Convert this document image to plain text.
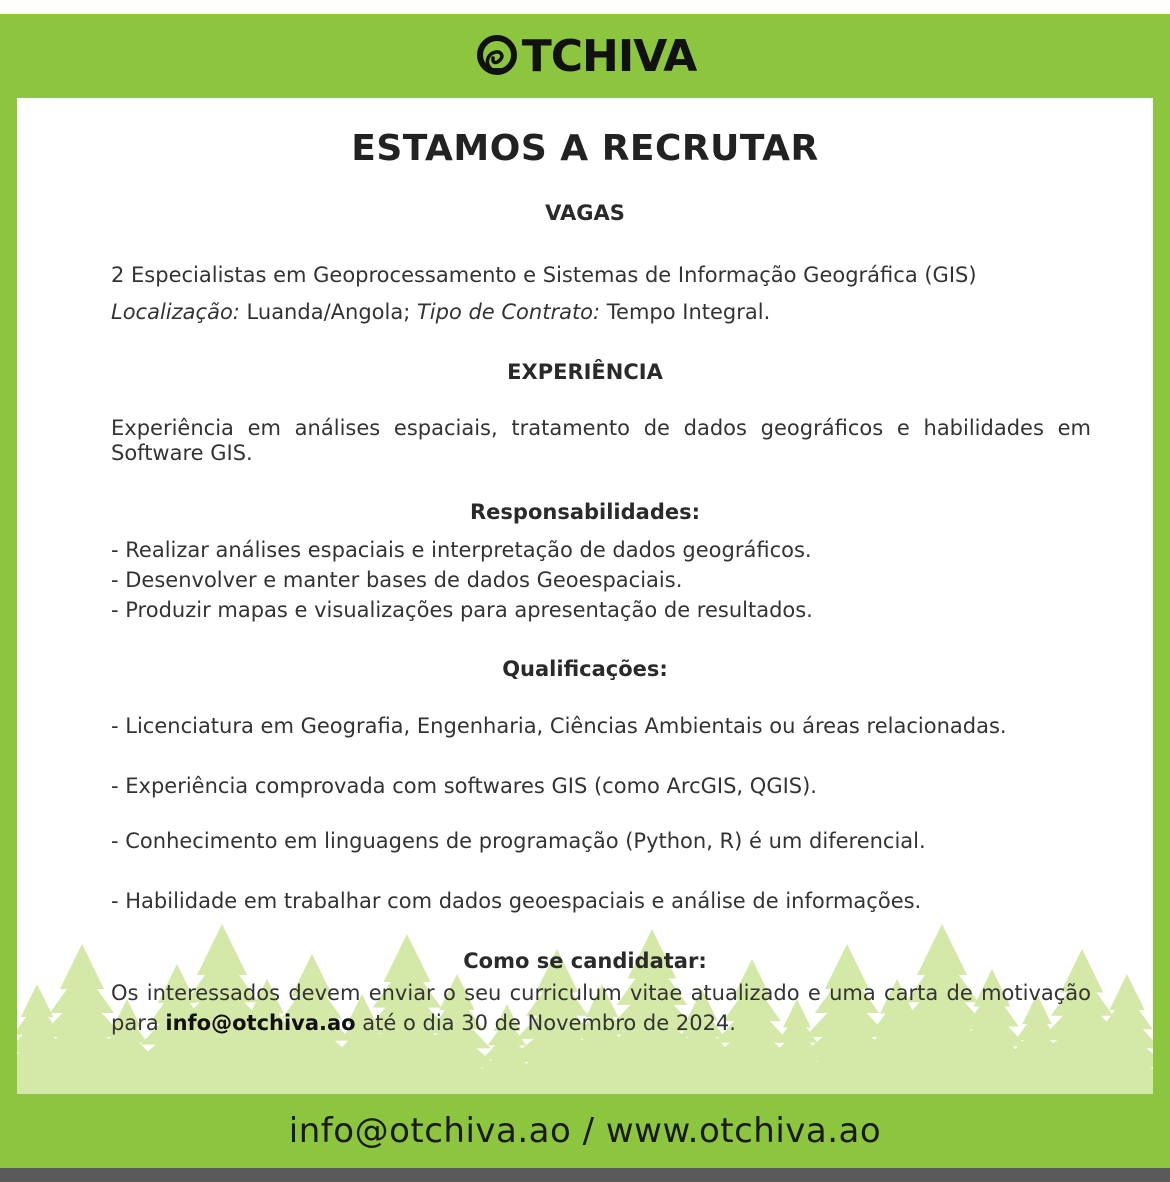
TCHIVA
ESTAMOS A RECRUTAR
VAGAS
2 Especialistas em Geoprocessamento e Sistemas de Informação Geográfica (GIS)
Localização: Luanda/Angola; Tipo de Contrato: Tempo Integral.
EXPERIÊNCIA
Experiência em análises espaciais, tratamento de dados geográficos e habilidades em Software GIS.
Responsabilidades:
- Realizar análises espaciais e interpretação de dados geográficos.
- Desenvolver e manter bases de dados Geoespaciais.
- Produzir mapas e visualizações para apresentação de resultados.
Qualificações:
- Licenciatura em Geografia, Engenharia, Ciências Ambientais ou áreas relacionadas.
- Experiência comprovada com softwares GIS (como ArcGIS, QGIS).
- Conhecimento em linguagens de programação (Python, R) é um diferencial.
- Habilidade em trabalhar com dados geoespaciais e análise de informações.
Como se candidatar:
Os interessados devem enviar o seu curriculum vitae atualizado e uma carta de motivação para info@otchiva.ao até o dia 30 de Novembro de 2024.
info@otchiva.ao / www.otchiva.ao
